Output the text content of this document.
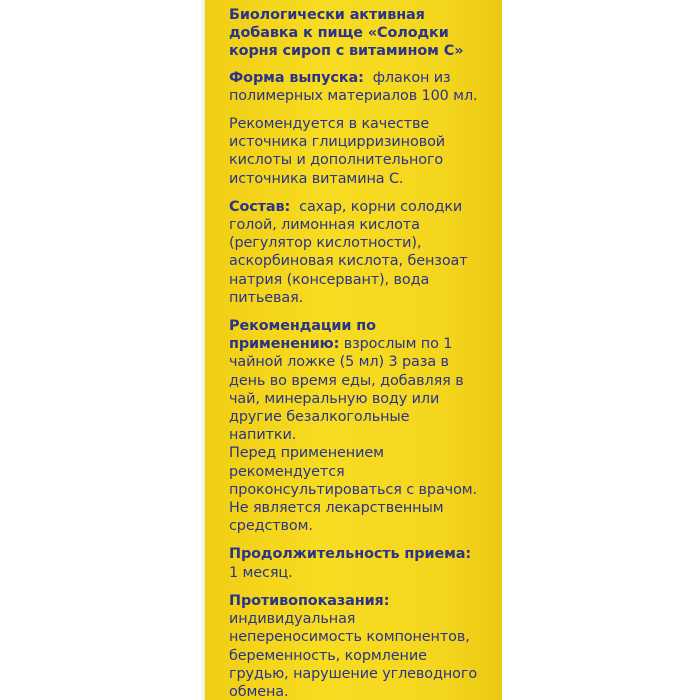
Биологически активная добавка к пище «Солодки корня сироп с витамином С»

Форма выпуска: флакон из полимерных материалов 100 мл.

Рекомендуется в качестве источника глицирризиновой кислоты и дополнительного источника витамина С.

Состав: сахар, корни солодки голой, лимонная кислота (регулятор кислотности), аскорбиновая кислота, бензоат натрия (консервант), вода питьевая.

Рекомендации по применению: взрослым по 1 чайной ложке (5 мл) 3 раза в день во время еды, добавляя в чай, минеральную воду или другие безалкогольные напитки.

Перед применением рекомендуется проконсультироваться с врачом. Не является лекарственным средством.

Продолжительность приема:  1 месяц.

Противопоказания:
индивидуальная непереносимость компонентов, беременность, кормление грудью, нарушение углеводного обмена.
